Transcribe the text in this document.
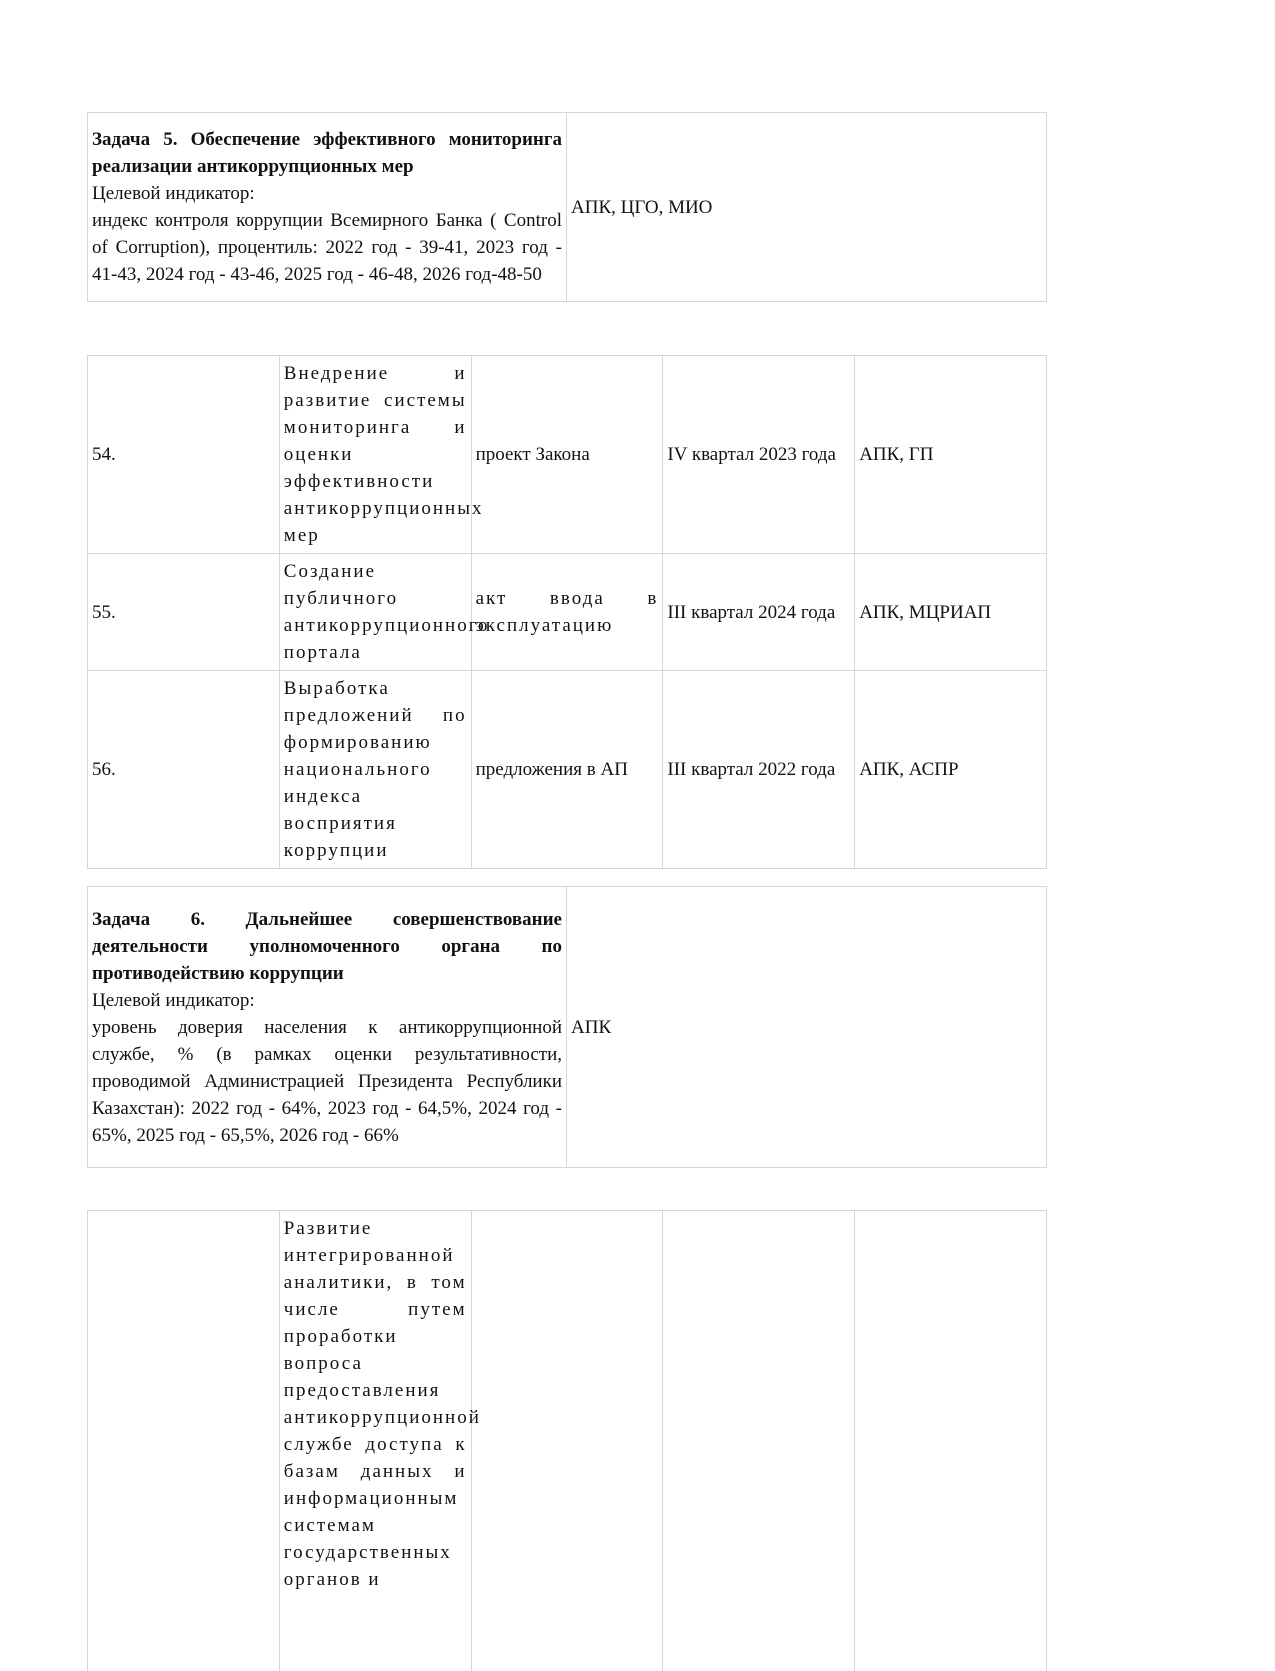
Задача 5. Обеспечение эффективного мониторинга реализации антикоррупционных мер
Целевой индикатор:
индекс контроля коррупции Всемирного Банка ( Control of Corruption), процентиль: 2022 год - 39-41, 2023 год - 41-43, 2024 год - 43-46, 2025 год - 46-48, 2026 год-48-50
	АПК, ЦГО, МИО
54.	Внедрение и развитие системы мониторинга и оценки эффективности антикоррупционных мер	проект Закона	IV квартал 2023 года	АПК, ГП
55.	Создание публичного антикоррупционного портала	акт ввода в эксплуатацию	III квартал 2024 года	АПК, МЦРИАП
56.	Выработка предложений по формированию национального индекса восприятия коррупции	предложения в АП	III квартал 2022 года	АПК, АСПР
Задача 6. Дальнейшее совершенствование деятельности уполномоченного органа по противодействию коррупции
Целевой индикатор:
уровень доверия населения к антикоррупционной службе, % (в рамках оценки результативности, проводимой Администрацией Президента Республики Казахстан): 2022 год - 64%, 2023 год - 64,5%, 2024 год - 65%, 2025 год - 65,5%, 2026 год - 66%
	АПК
	Развитие интегрированной аналитики, в том числе путем проработки вопроса предоставления антикоррупционной службе доступа к базам данных и информационным системам государственных органов и			
